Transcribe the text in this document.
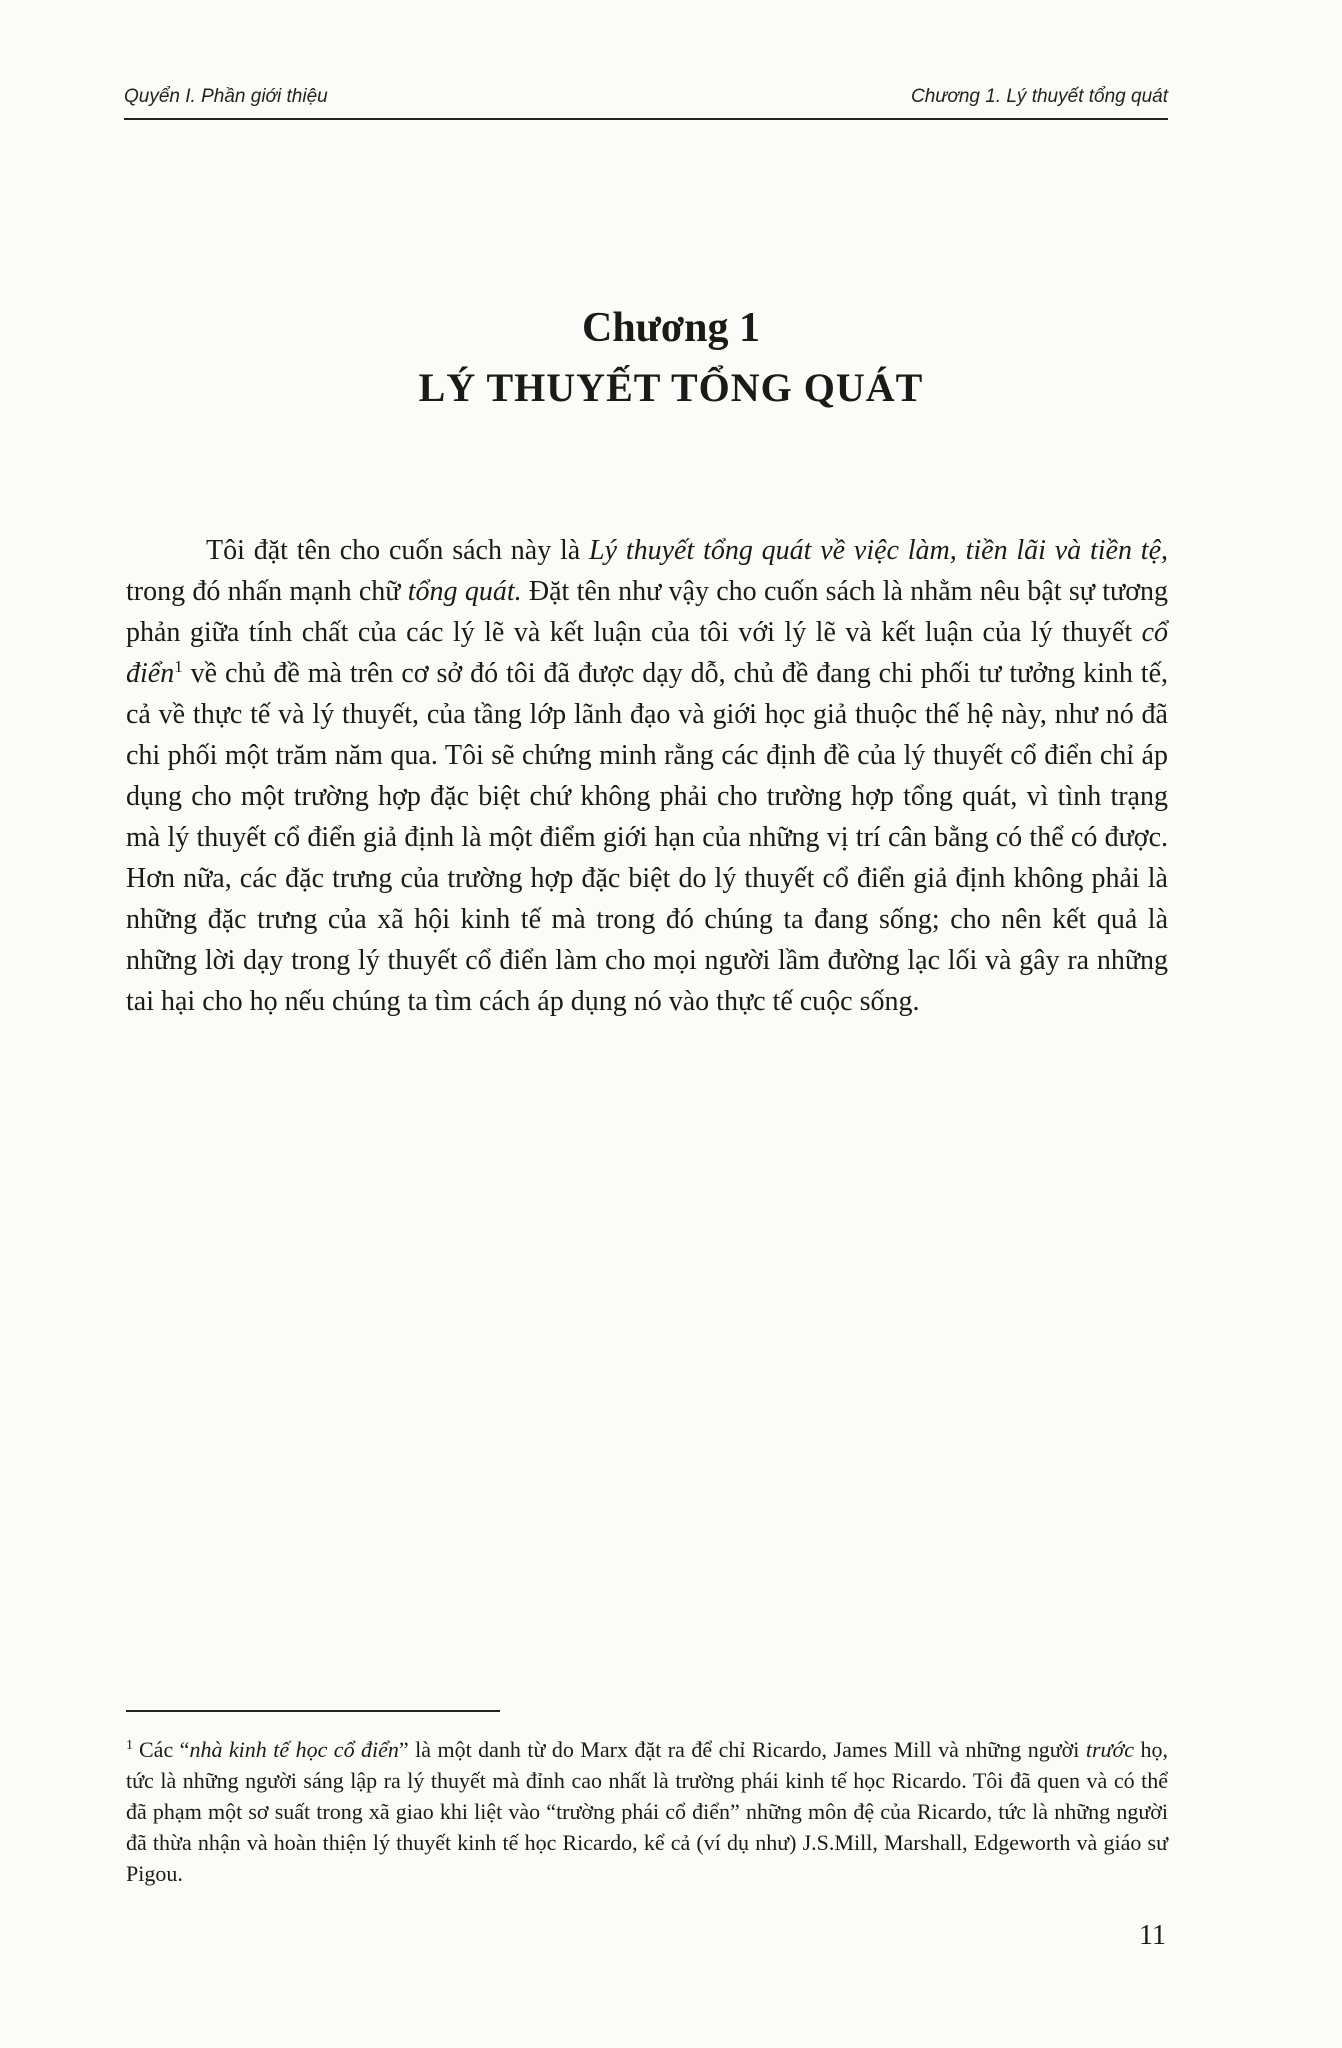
Quyển I. Phần giới thiệu	Chương 1. Lý thuyết tổng quát
Chương 1
LÝ THUYẾT TỔNG QUÁT

Tôi đặt tên cho cuốn sách này là Lý thuyết tổng quát về việc làm, tiền lãi và tiền tệ, trong đó nhấn mạnh chữ tổng quát. Đặt tên như vậy cho cuốn sách là nhằm nêu bật sự tương phản giữa tính chất của các lý lẽ và kết luận của tôi với lý lẽ và kết luận của lý thuyết cổ điển$^1$ về chủ đề mà trên cơ sở đó tôi đã được dạy dỗ, chủ đề đang chi phối tư tưởng kinh tế, cả về thực tế và lý thuyết, của tầng lớp lãnh đạo và giới học giả thuộc thế hệ này, như nó đã chi phối một trăm năm qua. Tôi sẽ chứng minh rằng các định đề của lý thuyết cổ điển chỉ áp dụng cho một trường hợp đặc biệt chứ không phải cho trường hợp tổng quát, vì tình trạng mà lý thuyết cổ điển giả định là một điểm giới hạn của những vị trí cân bằng có thể có được. Hơn nữa, các đặc trưng của trường hợp đặc biệt do lý thuyết cổ điển giả định không phải là những đặc trưng của xã hội kinh tế mà trong đó chúng ta đang sống; cho nên kết quả là những lời dạy trong lý thuyết cổ điển làm cho mọi người lầm đường lạc lối và gây ra những tai hại cho họ nếu chúng ta tìm cách áp dụng nó vào thực tế cuộc sống.

$^1$ Các “nhà kinh tế học cổ điển” là một danh từ do Marx đặt ra để chỉ Ricardo, James Mill và những người trước họ, tức là những người sáng lập ra lý thuyết mà đỉnh cao nhất là trường phái kinh tế học Ricardo. Tôi đã quen và có thể đã phạm một sơ suất trong xã giao khi liệt vào “trường phái cổ điển” những môn đệ của Ricardo, tức là những người đã thừa nhận và hoàn thiện lý thuyết kinh tế học Ricardo, kể cả (ví dụ như) J.S.Mill, Marshall, Edgeworth và giáo sư Pigou.

11
